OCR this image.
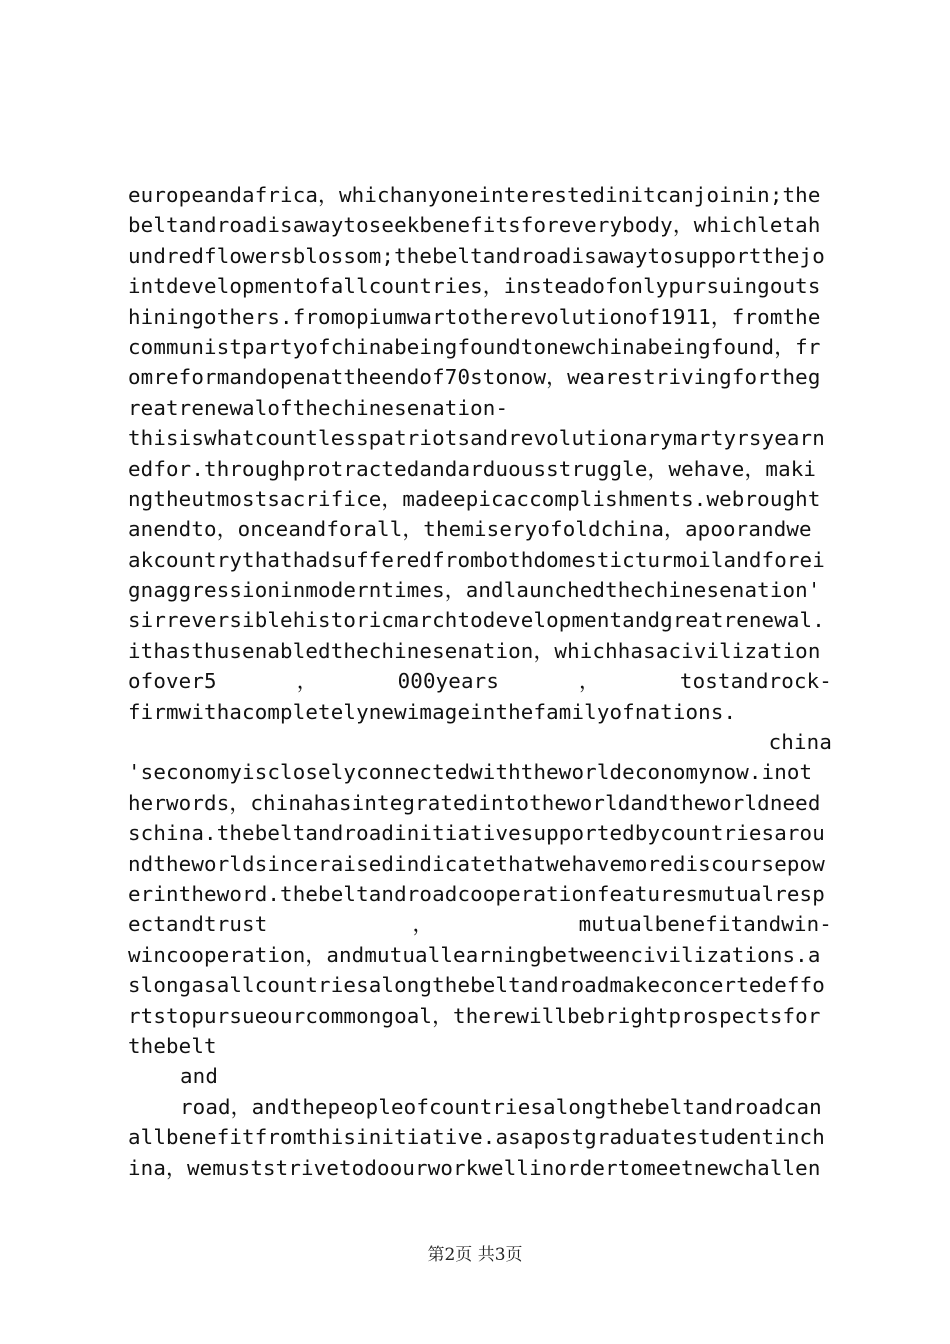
europeandafrica，whichanyoneinterestedinitcanjoinin;the
beltandroadisawaytoseekbenefitsforeverybody，whichletah
undredflowersblossom;thebeltandroadisawaytosupportthejo
intdevelopmentofallcountries，insteadofonlypursuingouts
hiningothers.fromopiumwartotherevolutionof1911，fromthe
communistpartyofchinabeingfoundtonewchinabeingfound，fr
omreformandopenattheendof70stonow，wearestrivingfortheg
reatrenewalofthechinesenation-
thisiswhatcountlesspatriotsandrevolutionarymartyrsyearn
edfor.throughprotractedandarduousstruggle，wehave，maki
ngtheutmostsacrifice，madeepicaccomplishments.webrought
anendto，onceandforall，themiseryofoldchina，apoorandwe
akcountrythathadsufferedfrombothdomesticturmoilandforei
gnaggressioninmoderntimes，andlaunchedthechinesenation'
sirreversiblehistoricmarchtodevelopmentandgreatrenewal.
ithasthusenabledthechinesenation，whichhasacivilization
ofover5	，	000years	，	tostandrock-
firmwithacompletelynewimageinthefamilyofnations.
china
'seconomyiscloselyconnectedwiththeworldeconomynow.inot
herwords，chinahasintegratedintotheworldandtheworldneed
schina.thebeltandroadinitiativesupportedbycountriesarou
ndtheworldsinceraisedindicatethatwehavemorediscoursepow
erintheword.thebeltandroadcooperationfeaturesmutualresp
ectandtrust	，	mutualbenefitandwin-
wincooperation，andmutuallearningbetweencivilizations.a
slongasallcountriesalongthebeltandroadmakeconcertedeffo
rtstopursueourcommongoal，therewillbebrightprospectsfor
thebelt
and
road，andthepeopleofcountriesalongthebeltandroadcan
allbenefitfromthisinitiative.asapostgraduatestudentinch
ina，wemuststrivetodoourworkwellinordertomeetnewchallen
第2页 共3页
